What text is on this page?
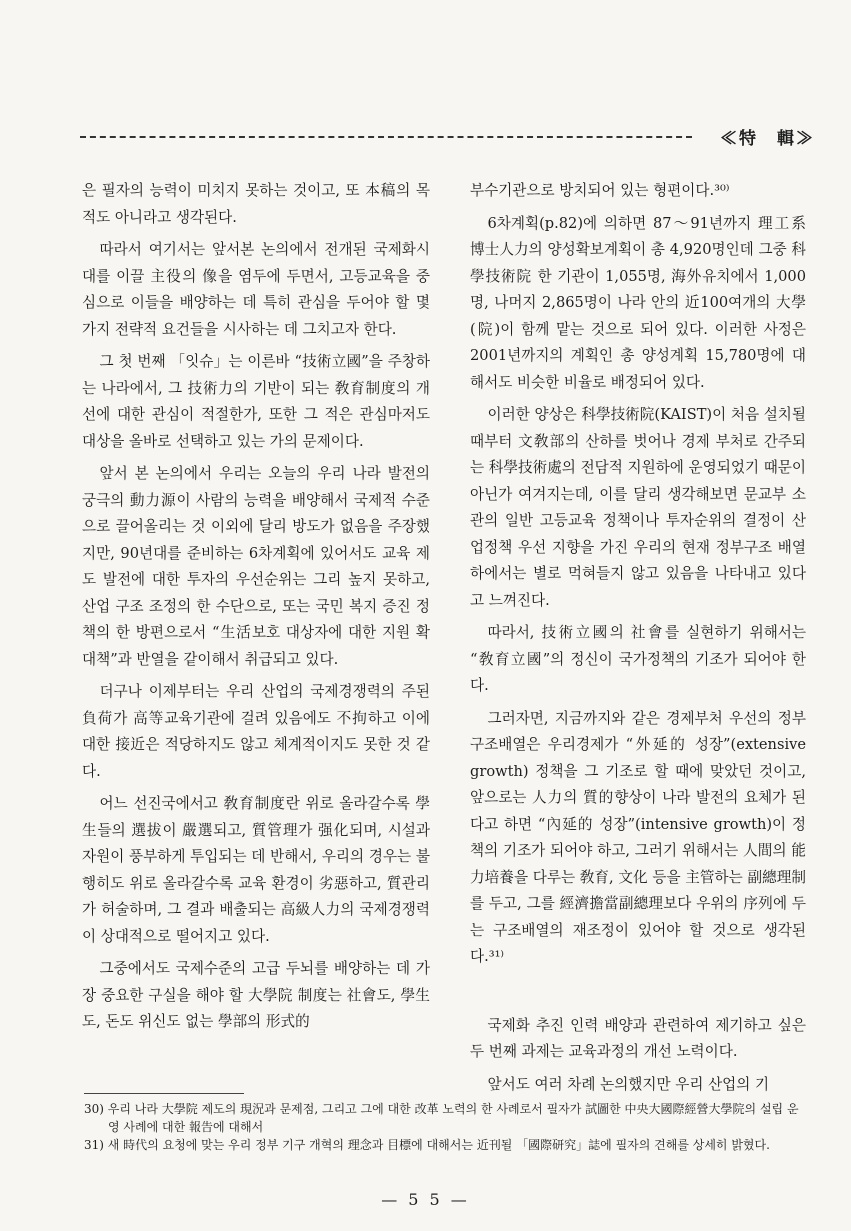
≪特　輯≫

은 필자의 능력이 미치지 못하는 것이고, 또 本稿의 목적도 아니라고 생각된다.

따라서 여기서는 앞서본 논의에서 전개된 국제화시대를 이끌 主役의 像을 염두에 두면서, 고등교육을 중심으로 이들을 배양하는 데 특히 관심을 두어야 할 몇 가지 전략적 요건들을 시사하는 데 그치고자 한다.

그 첫 번째 「잇슈」는 이른바 “技術立國”을 주창하는 나라에서, 그 技術力의 기반이 되는 敎育制度의 개선에 대한 관심이 적절한가, 또한 그 적은 관심마저도 대상을 올바로 선택하고 있는 가의 문제이다.

앞서 본 논의에서 우리는 오늘의 우리 나라 발전의 궁극의 動力源이 사람의 능력을 배양해서 국제적 수준으로 끌어올리는 것 이외에 달리 방도가 없음을 주장했지만, 90년대를 준비하는 6차계획에 있어서도 교육 제도 발전에 대한 투자의 우선순위는 그리 높지 못하고, 산업 구조 조정의 한 수단으로, 또는 국민 복지 증진 정책의 한 방편으로서 “生活보호 대상자에 대한 지원 확대책”과 반열을 같이해서 취급되고 있다.

더구나 이제부터는 우리 산업의 국제경쟁력의 주된 負荷가 高等교육기관에 걸려 있음에도 不拘하고 이에 대한 接近은 적당하지도 않고 체계적이지도 못한 것 같다.

어느 선진국에서고 敎育制度란 위로 올라갈수록 學生들의 選拔이 嚴選되고, 質管理가 强化되며, 시설과 자원이 풍부하게 투입되는 데 반해서, 우리의 경우는 불행히도 위로 올라갈수록 교육 환경이 劣惡하고, 質관리가 허술하며, 그 결과 배출되는 高級人力의 국제경쟁력이 상대적으로 떨어지고 있다.

그중에서도 국제수준의 고급 두뇌를 배양하는 데 가장 중요한 구실을 해야 할 大學院 制度는 社會도, 學生도, 돈도 위신도 없는 學部의 形式的

부수기관으로 방치되어 있는 형편이다.³⁰⁾

6차계획(p.82)에 의하면 87～91년까지 理工系 博士人力의 양성확보계획이 총 4,920명인데 그중 科學技術院 한 기관이 1,055명, 海外유치에서 1,000명, 나머지 2,865명이 나라 안의 近100여개의 大學(院)이 함께 맡는 것으로 되어 있다. 이러한 사정은 2001년까지의 계획인 총 양성계획 15,780명에 대해서도 비슷한 비율로 배정되어 있다.

이러한 양상은 科學技術院(KAIST)이 처음 설치될 때부터 文敎部의 산하를 벗어나 경제 부처로 간주되는 科學技術處의 전담적 지원하에 운영되었기 때문이 아닌가 여겨지는데, 이를 달리 생각해보면 문교부 소관의 일반 고등교육 정책이나 투자순위의 결정이 산업정책 우선 지향을 가진 우리의 현재 정부구조 배열하에서는 별로 먹혀들지 않고 있음을 나타내고 있다고 느껴진다.

따라서, 技術立國의 社會를 실현하기 위해서는 “敎育立國”의 정신이 국가정책의 기조가 되어야 한다.

그러자면, 지금까지와 같은 경제부처 우선의 정부구조배열은 우리경제가 “外延的 성장”(extensive growth) 정책을 그 기조로 할 때에 맞았던 것이고, 앞으로는 人力의 質的향상이 나라 발전의 요체가 된다고 하면 “內延的 성장”(intensive growth)이 정책의 기조가 되어야 하고, 그러기 위해서는 人間의 能力培養을 다루는 敎育, 文化 등을 主管하는 副總理制를 두고, 그를 經濟擔當副總理보다 우위의 序列에 두는 구조배열의 재조정이 있어야 할 것으로 생각된다.³¹⁾

국제화 추진 인력 배양과 관련하여 제기하고 싶은 두 번째 과제는 교육과정의 개선 노력이다.

앞서도 여러 차례 논의했지만 우리 산업의 기

30) 우리 나라 大學院 제도의 現況과 문제점, 그리고 그에 대한 改革 노력의 한 사례로서 필자가 試圖한 中央大國際經營大學院의 설립 운영 사례에 대한 報告에 대해서

31) 새 時代의 요청에 맞는 우리 정부 기구 개혁의 理念과 目標에 대해서는 近刊될 「國際研究」誌에 필자의 견해를 상세히 밝혔다.

— 5 5 —
